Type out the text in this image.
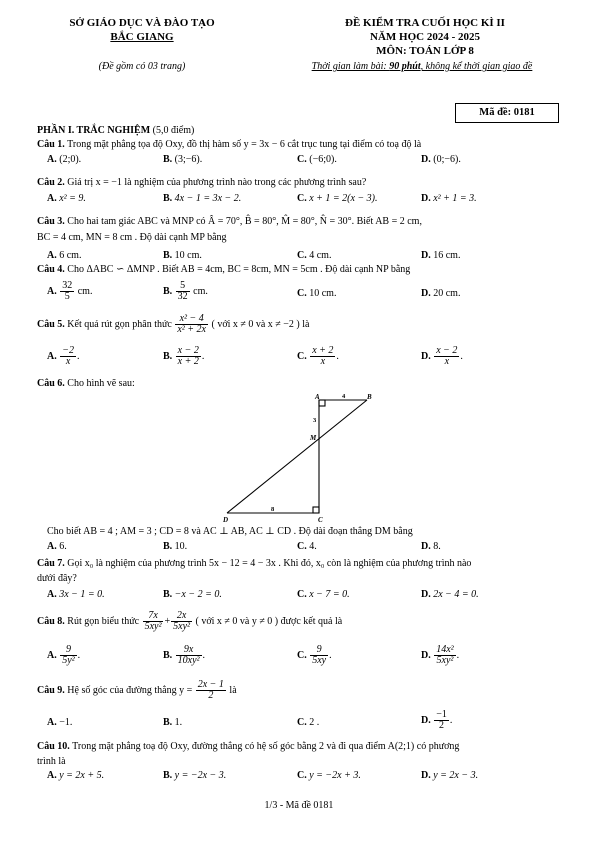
SỞ GIÁO DỤC VÀ ĐÀO TẠO
BẮC GIANG
(Đề gồm có 03 trang)
ĐỀ KIỂM TRA CUỐI HỌC KÌ II
NĂM HỌC 2024 - 2025
MÔN: TOÁN LỚP 8
Thời gian làm bài: 90 phút, không kể thời gian giao đề
Mã đề: 0181
PHẦN I. TRẮC NGHIỆM (5,0 điểm)
Câu 1. Trong mặt phẳng tọa độ Oxy, đồ thị hàm số y = 3x − 6 cắt trục tung tại điểm có toạ độ là
A. (2;0).	B. (3;−6).	C. (−6;0).	D. (0;−6).
Câu 2. Giá trị x = −1 là nghiệm của phương trình nào trong các phương trình sau?
A. x² = 9.	B. 4x − 1 = 3x − 2.	C. x + 1 = 2(x − 3).	D. x² + 1 = 3.
Câu 3. Cho hai tam giác ABC và MNP có Â = 70°, B̂ = 80°, M̂ = 80°, N̂ = 30°. Biết AB = 2 cm,
BC = 4 cm, MN = 8 cm . Độ dài cạnh MP bằng
A. 6 cm.	B. 10 cm.	C. 4 cm.	D. 16 cm.
Câu 4. Cho ΔABC ∽ ΔMNP . Biết AB = 4cm, BC = 8cm, MN = 5cm . Độ dài cạnh NP bằng
A. $\frac{32}{5}$ cm.	B. $\frac{5}{32}$ cm.	C. 10 cm.	D. 20 cm.
Câu 5. Kết quả rút gọn phân thức $\frac{\text{x² − 4}}{\text{x² + 2x}}$ ( với x ≠ 0 và x ≠ −2 ) là
A. $\frac{-2}{x}$ .	B. $\frac{x - 2}{x + 2}$ .	C. $\frac{x + 2}{x}$ .	D. $\frac{x - 2}{x}$ .
Câu 6. Cho hình vẽ sau:
A	B
M
C
D
4
3
8
Cho biết AB = 4 ; AM = 3 ; CD = 8 và AC ⊥ AB, AC ⊥ CD . Độ dài đoạn thẳng DM bằng
A. 6.	B. 10.	C. 4.	D. 8.
Câu 7. Gọi x₀ là nghiệm của phương trình 5x − 12 = 4 − 3x . Khi đó, x₀ còn là nghiệm của phương trình nào
dưới đây?
A. 3x − 1 = 0.	B. −x − 2 = 0.	C. x − 7 = 0.	D. 2x − 4 = 0.
Câu 8. Rút gọn biểu thức $\frac{7x}{\text{5xy²}} + \frac{2x}{\text{5xy²}}$ ( với x ≠ 0 và y ≠ 0 ) được kết quả là
A. $\frac{9}{\text{5y²}}$ .	B. $\frac{9x}{\text{10xy²}}$ .	C. $\frac{9}{5xy}$ .	D. $\frac{\text{14x²}}{\text{5xy²}}$ .
Câu 9. Hệ số góc của đường thẳng $y = \frac{2x - 1}{2}$ là
A. −1.	B. 1.	C. 2 .	D. $\frac{-1}{2}$ .
Câu 10. Trong mặt phẳng toạ độ Oxy, đường thẳng có hệ số góc bằng 2 và đi qua điểm A(2;1) có phương
trình là
A. y = 2x + 5.	B. y = −2x − 3.	C. y = −2x + 3.	D. y = 2x − 3.
1/3 - Mã đề 0181
